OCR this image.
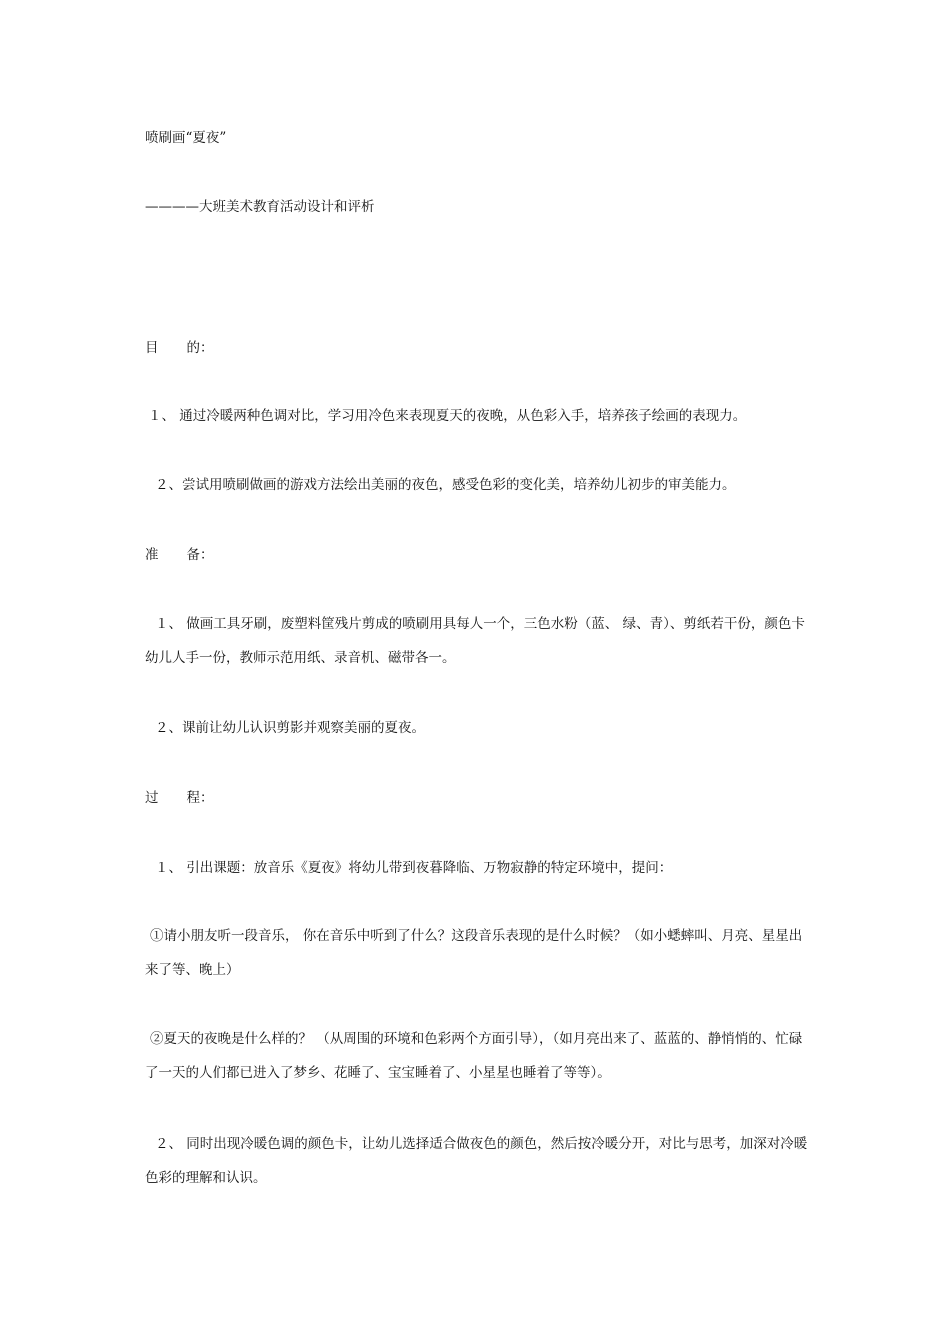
喷刷画“夏夜”
————大班美术教育活动设计和评析
目 的：
１、 通过冷暖两种色调对比，学习用冷色来表现夏天的夜晚，从色彩入手，培养孩子绘画的表现力。
２、尝试用喷刷做画的游戏方法绘出美丽的夜色，感受色彩的变化美，培养幼儿初步的审美能力。
准 备：
１、 做画工具牙刷，废塑料筐残片剪成的喷刷用具每人一个，三色水粉（蓝、 绿、青）、剪纸若干份，颜色卡幼儿人手一份，教师示范用纸、录音机、磁带各一。
２、课前让幼儿认识剪影并观察美丽的夏夜。
过 程：
１、 引出课题：放音乐《夏夜》将幼儿带到夜暮降临、万物寂静的特定环境中，提问：
①请小朋友听一段音乐， 你在音乐中听到了什么？这段音乐表现的是什么时候？（如小蟋蟀叫、月亮、星星出来了等、晚上）
②夏天的夜晚是什么样的？ （从周围的环境和色彩两个方面引导），（如月亮出来了、蓝蓝的、静悄悄的、忙碌了一天的人们都已进入了梦乡、花睡了、宝宝睡着了、小星星也睡着了等等）。
２、 同时出现冷暖色调的颜色卡，让幼儿选择适合做夜色的颜色，然后按冷暖分开，对比与思考，加深对冷暖色彩的理解和认识。
